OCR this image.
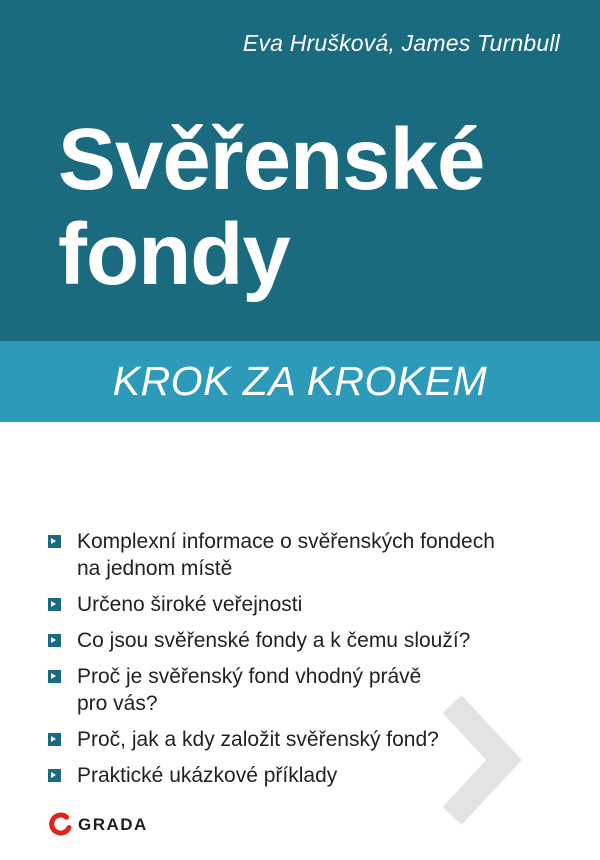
Eva Hrušková, James Turnbull
Svěřenské
fondy
KROK ZA KROKEM
Komplexní informace o svěřenských fondech
na jednom místě
Určeno široké veřejnosti
Co jsou svěřenské fondy a k čemu slouží?
Proč je svěřenský fond vhodný právě
pro vás?
Proč, jak a kdy založit svěřenský fond?
Praktické ukázkové příklady
GRADA
